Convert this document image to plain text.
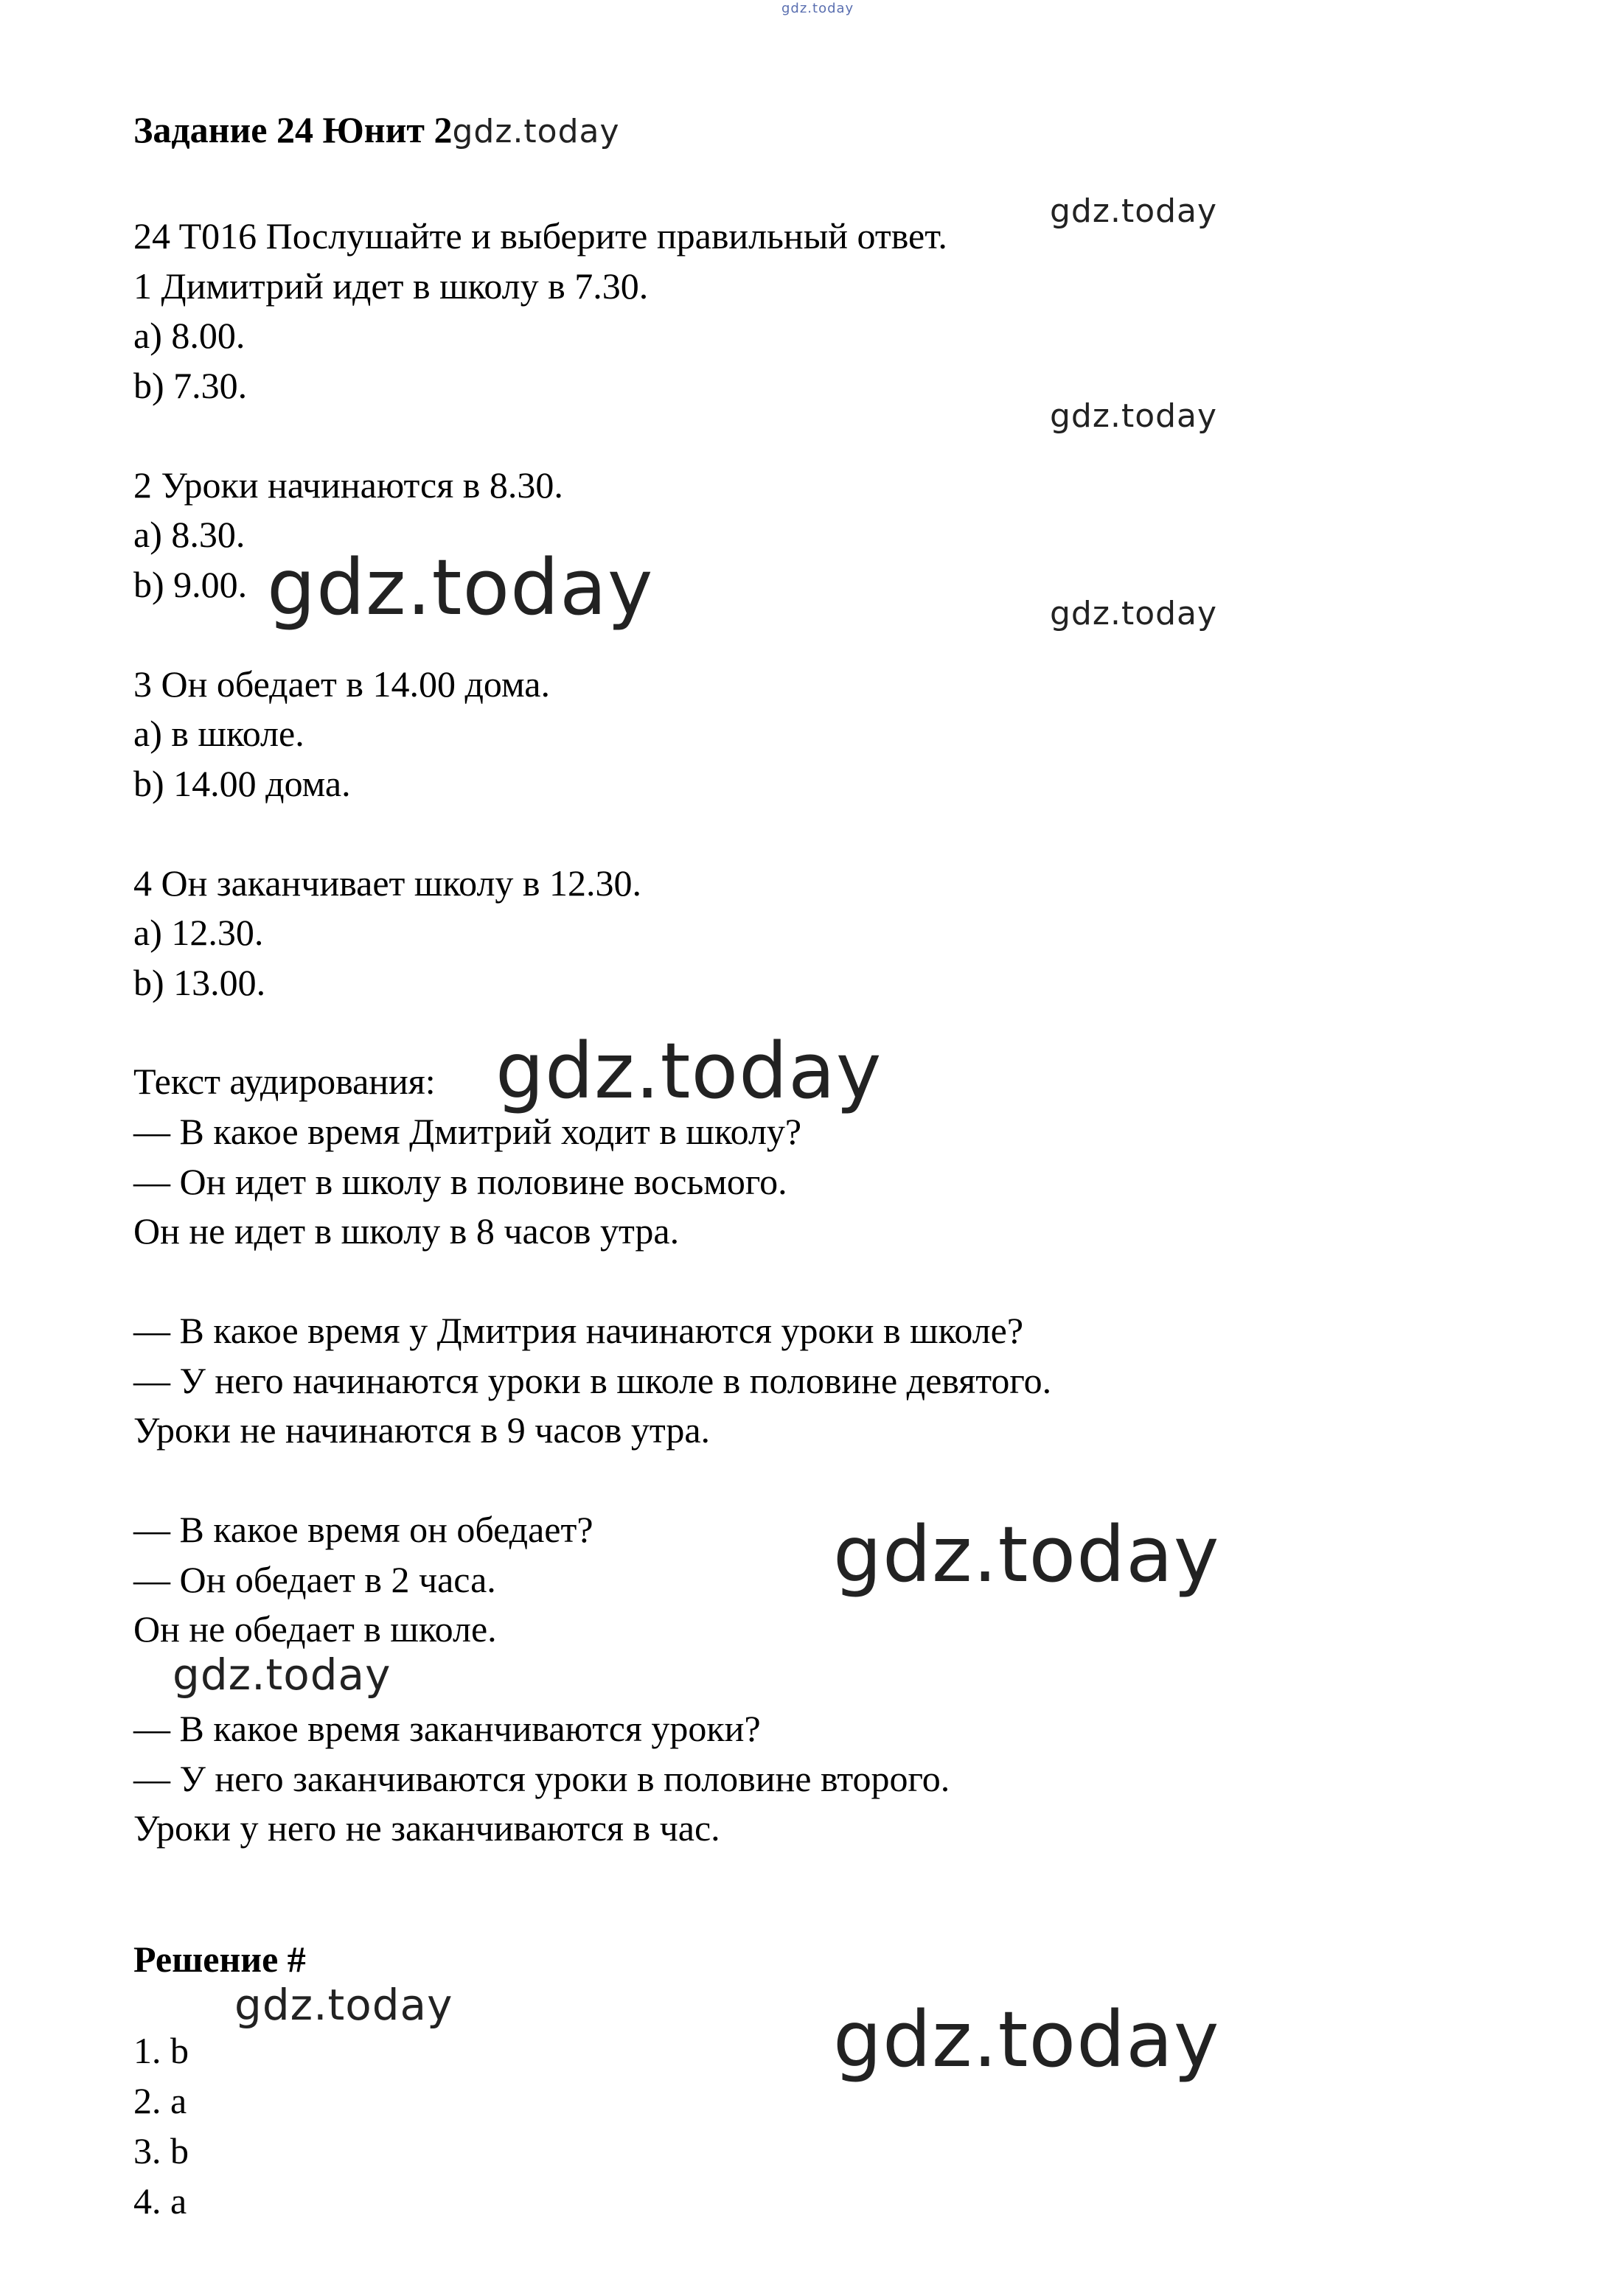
gdz.today
Задание 24 Юнит 2gdz.today
24 T016 Послушайте и выберите правильный ответ.
1 Димитрий идет в школу в 7.30.
a) 8.00.
b) 7.30.
2 Уроки начинаются в 8.30.
a) 8.30.
b) 9.00.
3 Он обедает в 14.00 дома.
a) в школе.
b) 14.00 дома.
4 Он заканчивает школу в 12.30.
a) 12.30.
b) 13.00.
Текст аудирования:
— В какое время Дмитрий ходит в школу?
— Он идет в школу в половине восьмого.
Он не идет в школу в 8 часов утра.
— В какое время у Дмитрия начинаются уроки в школе?
— У него начинаются уроки в школе в половине девятого.
Уроки не начинаются в 9 часов утра.
— В какое время он обедает?
— Он обедает в 2 часа.
Он не обедает в школе.
— В какое время заканчиваются уроки?
— У него заканчиваются уроки в половине второго.
Уроки у него не заканчиваются в час.
Решение #
1. b
2. a
3. b
4. a
gdz.today
gdz.today
gdz.today	gdz.today
gdz.today
gdz.today
gdz.today
gdz.today	gdz.today
